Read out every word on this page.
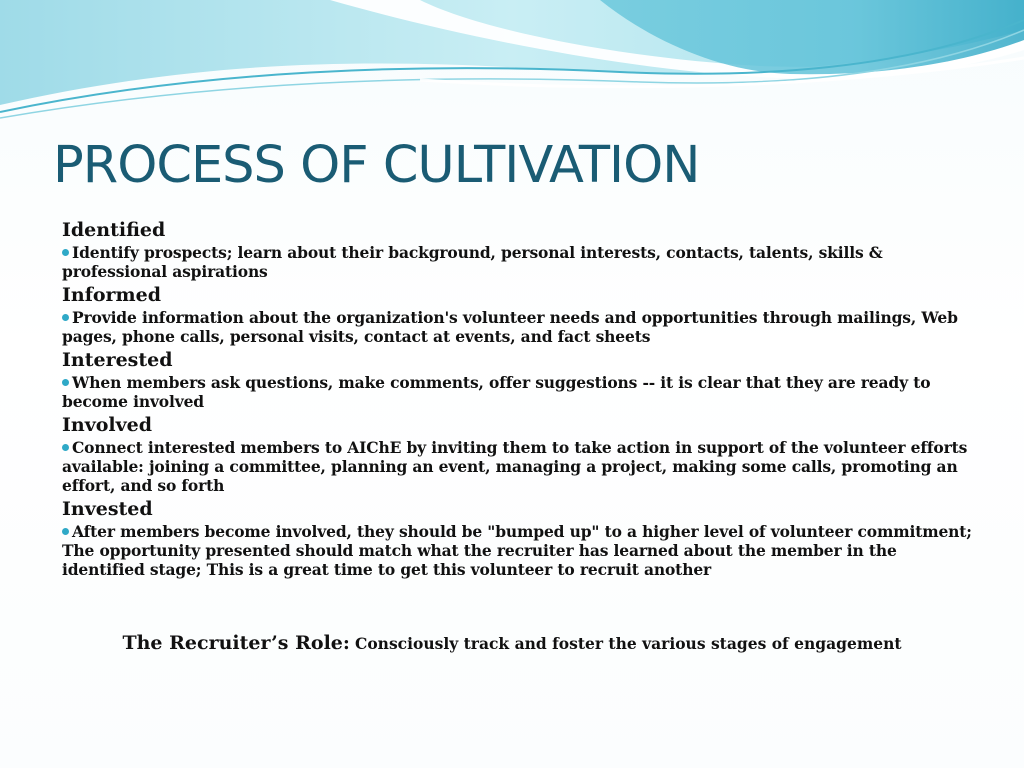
PROCESS OF CULTIVATION

Identified

Identify prospects; learn about their background, personal interests, contacts, talents, skills & professional aspirations

Informed

Provide information about the organization's volunteer needs and opportunities through mailings, Web pages, phone calls, personal visits, contact at events, and fact sheets

Interested

When members ask questions, make comments, offer suggestions -- it is clear that they are ready to become involved

Involved

Connect interested members to AIChE by inviting them to take action in support of the volunteer efforts available: joining a committee, planning an event, managing a project, making some calls, promoting an effort, and so forth

Invested

After members become involved, they should be "bumped up" to a higher level of volunteer commitment; The opportunity presented should match what the recruiter has learned about the member in the identified stage; This is a great time to get this volunteer to recruit another

The Recruiter’s Role: Consciously track and foster the various stages of engagement
